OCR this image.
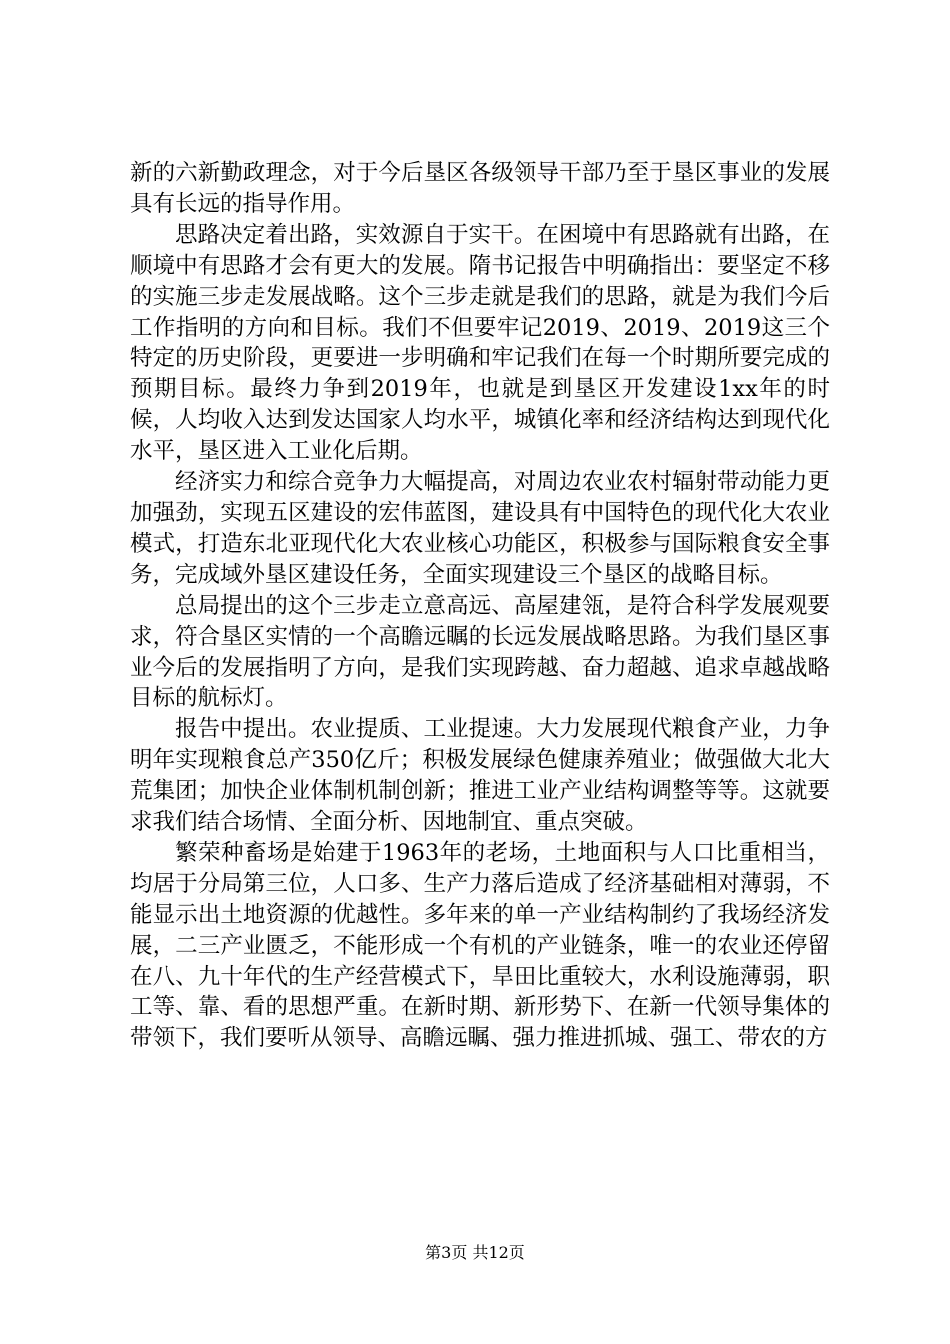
新的六新勤政理念，对于今后垦区各级领导干部乃至于垦区事业的发展具有长远的指导作用。

思路决定着出路，实效源自于实干。在困境中有思路就有出路，在顺境中有思路才会有更大的发展。隋书记报告中明确指出：要坚定不移的实施三步走发展战略。这个三步走就是我们的思路，就是为我们今后工作指明的方向和目标。我们不但要牢记2019、2019、2019这三个特定的历史阶段，更要进一步明确和牢记我们在每一个时期所要完成的预期目标。最终力争到2019年，也就是到垦区开发建设1xx年的时候，人均收入达到发达国家人均水平，城镇化率和经济结构达到现代化水平，垦区进入工业化后期。

经济实力和综合竞争力大幅提高，对周边农业农村辐射带动能力更加强劲，实现五区建设的宏伟蓝图，建设具有中国特色的现代化大农业模式，打造东北亚现代化大农业核心功能区，积极参与国际粮食安全事务，完成域外垦区建设任务，全面实现建设三个垦区的战略目标。

总局提出的这个三步走立意高远、高屋建瓴，是符合科学发展观要求，符合垦区实情的一个高瞻远瞩的长远发展战略思路。为我们垦区事业今后的发展指明了方向，是我们实现跨越、奋力超越、追求卓越战略目标的航标灯。

报告中提出。农业提质、工业提速。大力发展现代粮食产业，力争明年实现粮食总产350亿斤；积极发展绿色健康养殖业；做强做大北大荒集团；加快企业体制机制创新；推进工业产业结构调整等等。这就要求我们结合场情、全面分析、因地制宜、重点突破。

繁荣种畜场是始建于1963年的老场，土地面积与人口比重相当，均居于分局第三位，人口多、生产力落后造成了经济基础相对薄弱，不能显示出土地资源的优越性。多年来的单一产业结构制约了我场经济发展，二三产业匮乏，不能形成一个有机的产业链条，唯一的农业还停留在八、九十年代的生产经营模式下，旱田比重较大，水利设施薄弱，职工等、靠、看的思想严重。在新时期、新形势下、在新一代领导集体的带领下，我们要听从领导、高瞻远瞩、强力推进抓城、强工、带农的方

第3页 共12页
